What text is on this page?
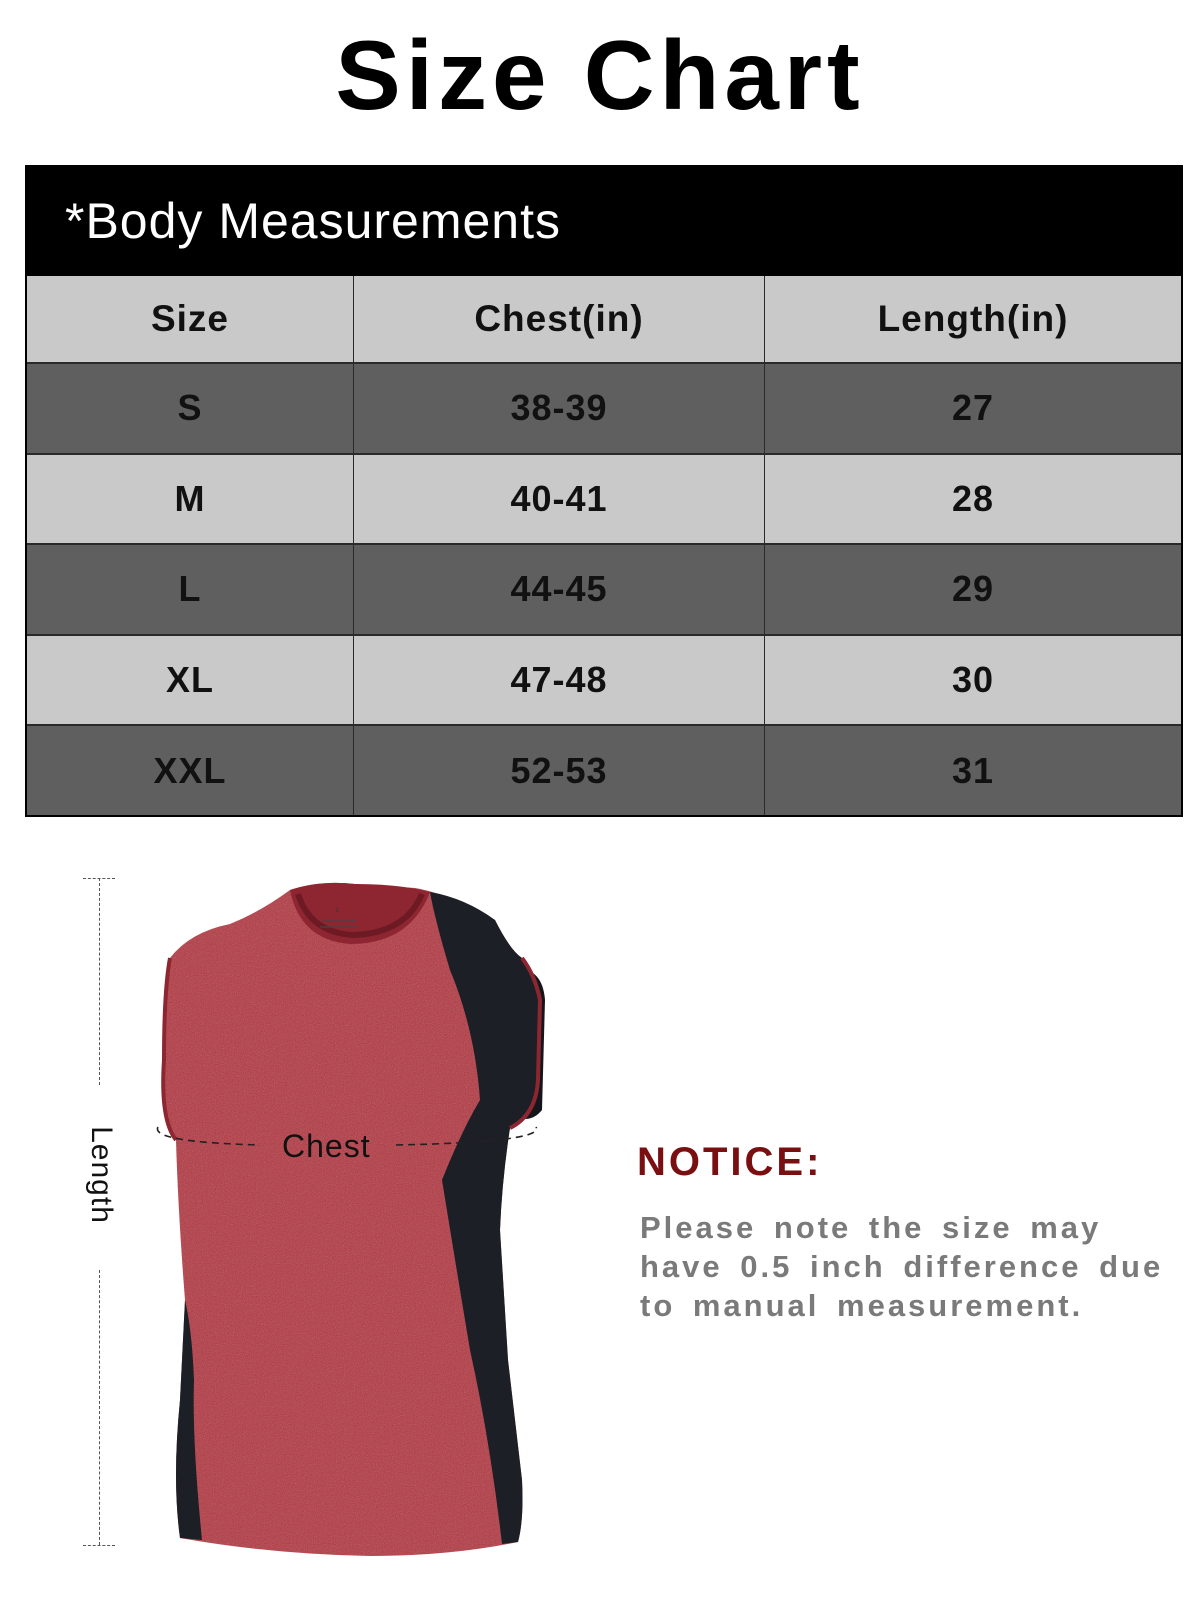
Size Chart
*Body Measurements
Size	Chest(in)	Length(in)
S	38-39	27
M	40-41	28
L	44-45	29
XL	47-48	30
XXL	52-53	31
Length
L
Chest	NOTICE:
Please note the size may have 0.5 inch difference due to manual measurement.
